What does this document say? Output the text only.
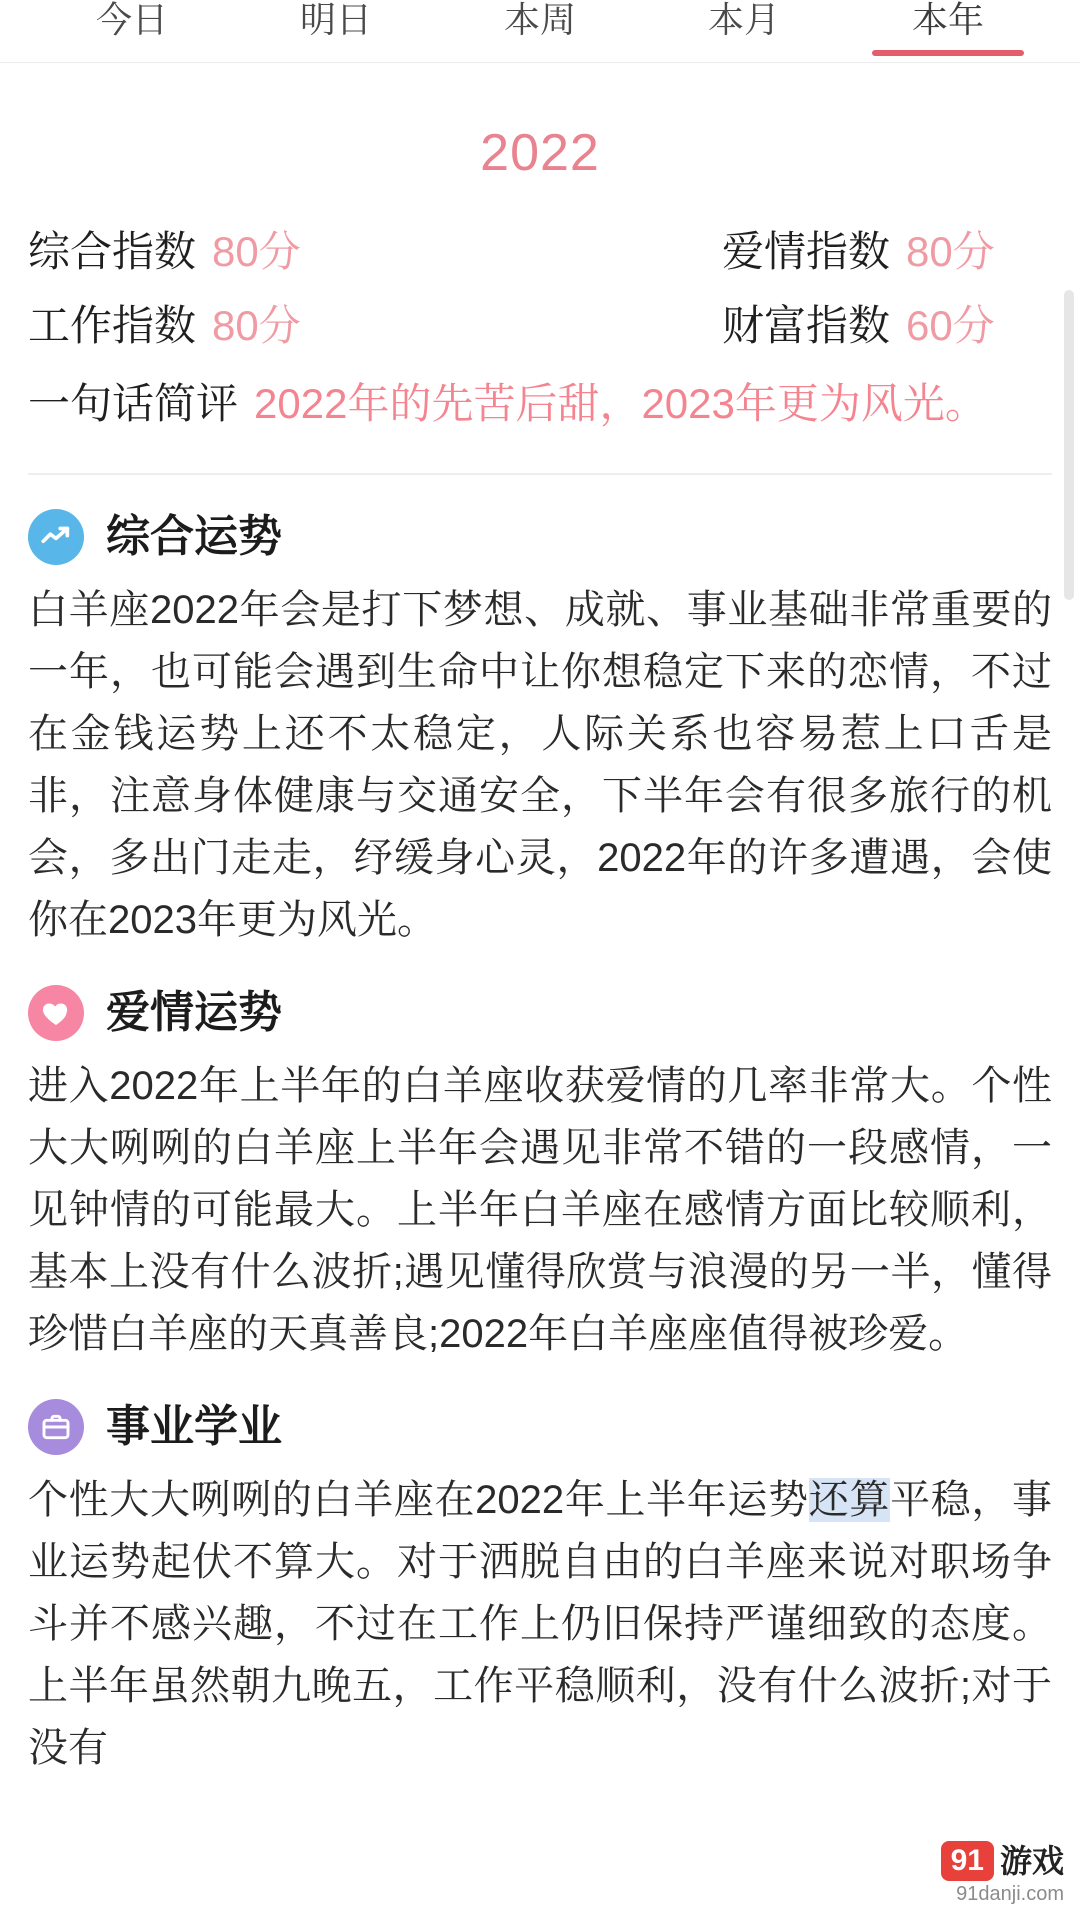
今日	明日	本周	本月	本年
2022
综合指数 80分	爱情指数 80分
工作指数 80分	财富指数 60分
一句话简评 2022年的先苦后甜，2023年更为风光。
综合运势
白羊座2022年会是打下梦想、成就、事业基础非常重要的一年，也可能会遇到生命中让你想稳定下来的恋情，不过在金钱运势上还不太稳定，人际关系也容易惹上口舌是非，注意身体健康与交通安全，下半年会有很多旅行的机会，多出门走走，纾缓身心灵，2022年的许多遭遇，会使你在2023年更为风光。
爱情运势
进入2022年上半年的白羊座收获爱情的几率非常大。个性大大咧咧的白羊座上半年会遇见非常不错的一段感情，一见钟情的可能最大。上半年白羊座在感情方面比较顺利，基本上没有什么波折;遇见懂得欣赏与浪漫的另一半，懂得珍惜白羊座的天真善良;2022年白羊座座值得被珍爱。
事业学业
个性大大咧咧的白羊座在2022年上半年运势还算平稳，事业运势起伏不算大。对于洒脱自由的白羊座来说对职场争斗并不感兴趣，不过在工作上仍旧保持严谨细致的态度。上半年虽然朝九晚五，工作平稳顺利，没有什么波折;对于没有
91 游戏
91danji.com
